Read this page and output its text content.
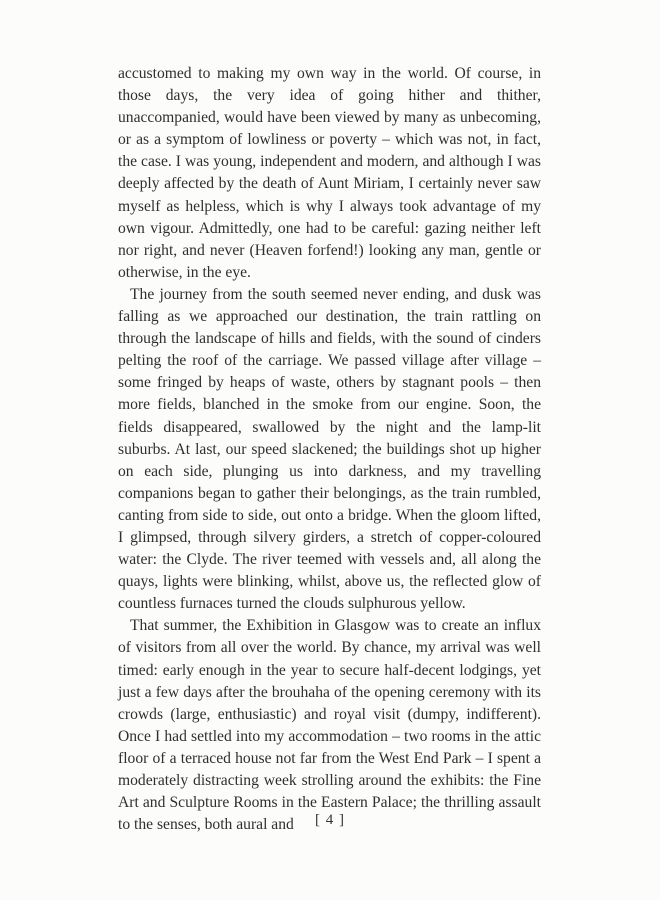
accustomed to making my own way in the world. Of course, in those days, the very idea of going hither and thither, unaccompanied, would have been viewed by many as unbecoming, or as a symptom of lowliness or poverty – which was not, in fact, the case. I was young, independent and modern, and although I was deeply affected by the death of Aunt Miriam, I certainly never saw myself as helpless, which is why I always took advantage of my own vigour. Admittedly, one had to be careful: gazing neither left nor right, and never (Heaven forfend!) looking any man, gentle or otherwise, in the eye.

The journey from the south seemed never ending, and dusk was falling as we approached our destination, the train rattling on through the landscape of hills and fields, with the sound of cinders pelting the roof of the carriage. We passed village after village – some fringed by heaps of waste, others by stagnant pools – then more fields, blanched in the smoke from our engine. Soon, the fields disappeared, swallowed by the night and the lamp-lit suburbs. At last, our speed slackened; the buildings shot up higher on each side, plunging us into darkness, and my travelling companions began to gather their belongings, as the train rumbled, canting from side to side, out onto a bridge. When the gloom lifted, I glimpsed, through silvery girders, a stretch of copper-coloured water: the Clyde. The river teemed with vessels and, all along the quays, lights were blinking, whilst, above us, the reflected glow of countless furnaces turned the clouds sulphurous yellow.

That summer, the Exhibition in Glasgow was to create an influx of visitors from all over the world. By chance, my arrival was well timed: early enough in the year to secure half-decent lodgings, yet just a few days after the brouhaha of the opening ceremony with its crowds (large, enthusiastic) and royal visit (dumpy, indifferent). Once I had settled into my accommodation – two rooms in the attic floor of a terraced house not far from the West End Park – I spent a moderately distracting week strolling around the exhibits: the Fine Art and Sculpture Rooms in the Eastern Palace; the thrilling assault to the senses, both aural and	[ 4 ]
